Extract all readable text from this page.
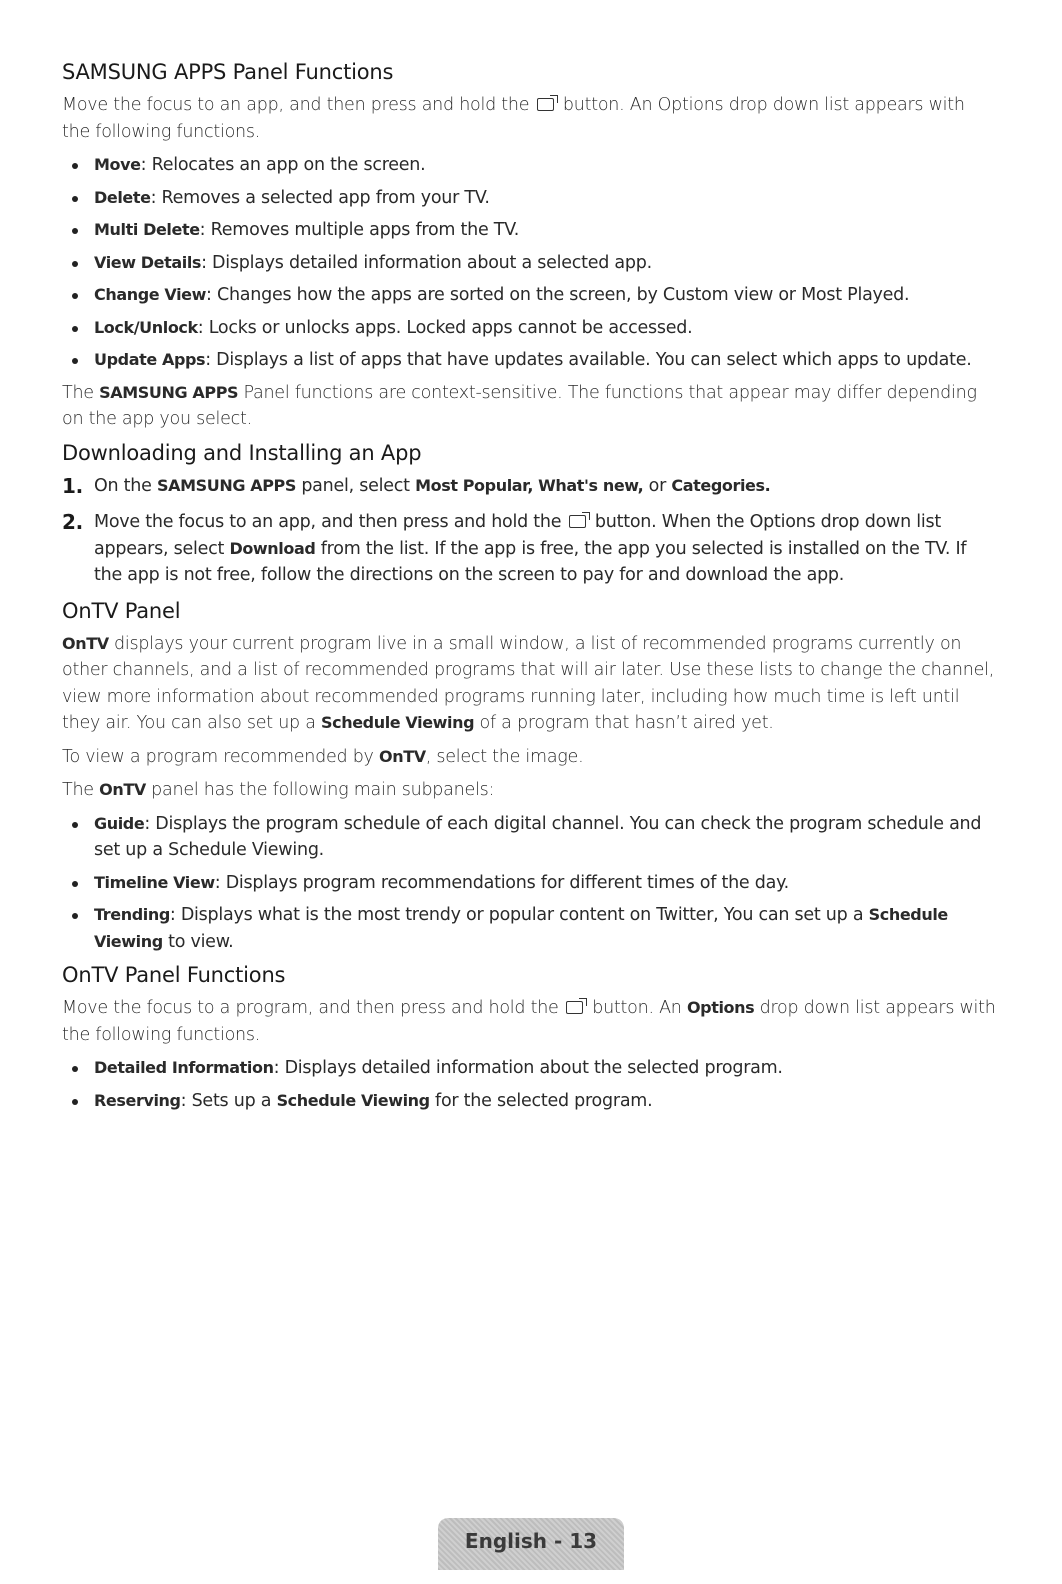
SAMSUNG APPS Panel Functions

Move the focus to an app, and then press and hold the button. An Options drop down list appears with the following functions.

Move: Relocates an app on the screen.
Delete: Removes a selected app from your TV.
Multi Delete: Removes multiple apps from the TV.
View Details: Displays detailed information about a selected app.
Change View: Changes how the apps are sorted on the screen, by Custom view or Most Played.
Lock/Unlock: Locks or unlocks apps. Locked apps cannot be accessed.
Update Apps: Displays a list of apps that have updates available. You can select which apps to update.

The SAMSUNG APPS Panel functions are context-sensitive. The functions that appear may differ depending on the app you select.

Downloading and Installing an App
1. On the SAMSUNG APPS panel, select Most Popular, What's new, or Categories.
2. Move the focus to an app, and then press and hold the button. When the Options drop down list appears, select Download from the list. If the app is free, the app you selected is installed on the TV. If the app is not free, follow the directions on the screen to pay for and download the app.
OnTV Panel

OnTV displays your current program live in a small window, a list of recommended programs currently on other channels, and a list of recommended programs that will air later. Use these lists to change the channel, view more information about recommended programs running later, including how much time is left until they air. You can also set up a Schedule Viewing of a program that hasn’t aired yet.

To view a program recommended by OnTV, select the image.

The OnTV panel has the following main subpanels:

Guide: Displays the program schedule of each digital channel. You can check the program schedule and set up a Schedule Viewing.
Timeline View: Displays program recommendations for different times of the day.
Trending: Displays what is the most trendy or popular content on Twitter, You can set up a Schedule Viewing to view.
OnTV Panel Functions

Move the focus to a program, and then press and hold the button. An Options drop down list appears with the following functions.

Detailed Information: Displays detailed information about the selected program.
Reserving: Sets up a Schedule Viewing for the selected program.
English - 13
